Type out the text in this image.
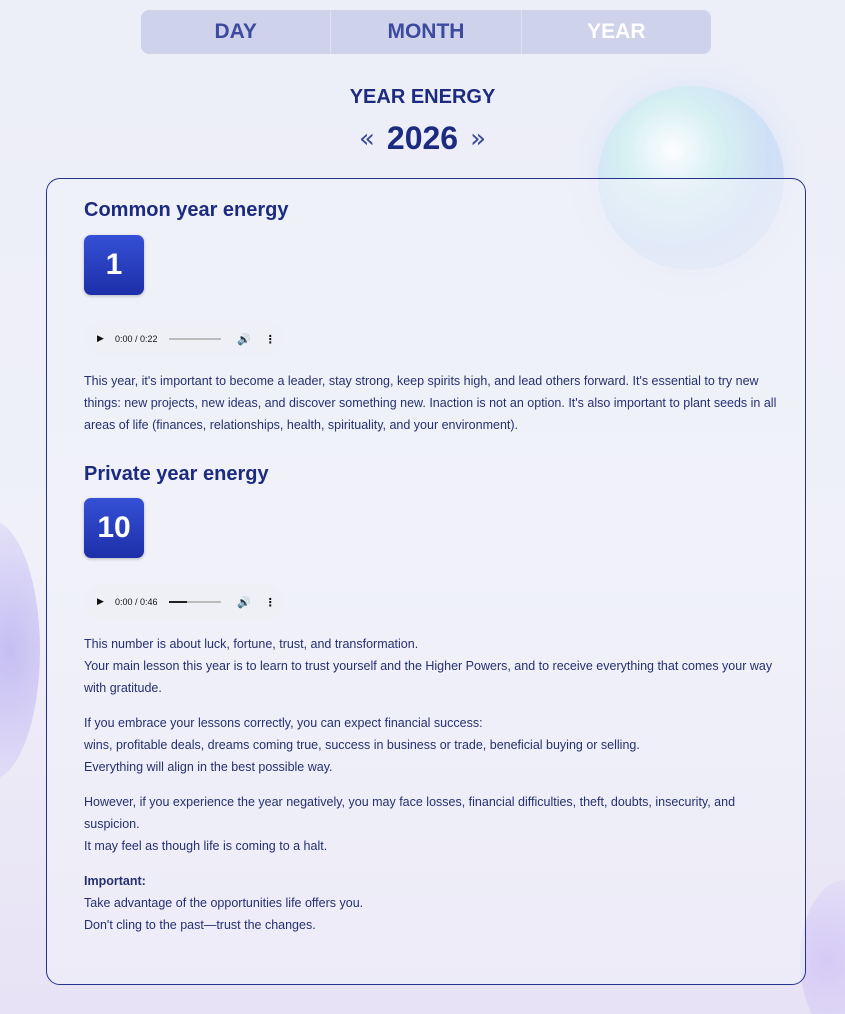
DAY	MONTH	YEAR
YEAR ENERGY
« 2026 »
Common year energy
1
▶	0:00 / 0:22	🔊 ⋮

This year, it's important to become a leader, stay strong, keep spirits high, and lead others forward. It's essential to try new things: new projects, new ideas, and discover something new. Inaction is not an option. It's also important to plant seeds in all areas of life (finances, relationships, health, spirituality, and your environment).

Private year energy
10
▶	0:00 / 0:46	🔊 ⋮

This number is about luck, fortune, trust, and transformation.
Your main lesson this year is to learn to trust yourself and the Higher Powers, and to receive everything that comes your way with gratitude.

If you embrace your lessons correctly, you can expect financial success:
wins, profitable deals, dreams coming true, success in business or trade, beneficial buying or selling.
Everything will align in the best possible way.

However, if you experience the year negatively, you may face losses, financial difficulties, theft, doubts, insecurity, and suspicion.
It may feel as though life is coming to a halt.

Important:
Take advantage of the opportunities life offers you.
Don't cling to the past—trust the changes.
